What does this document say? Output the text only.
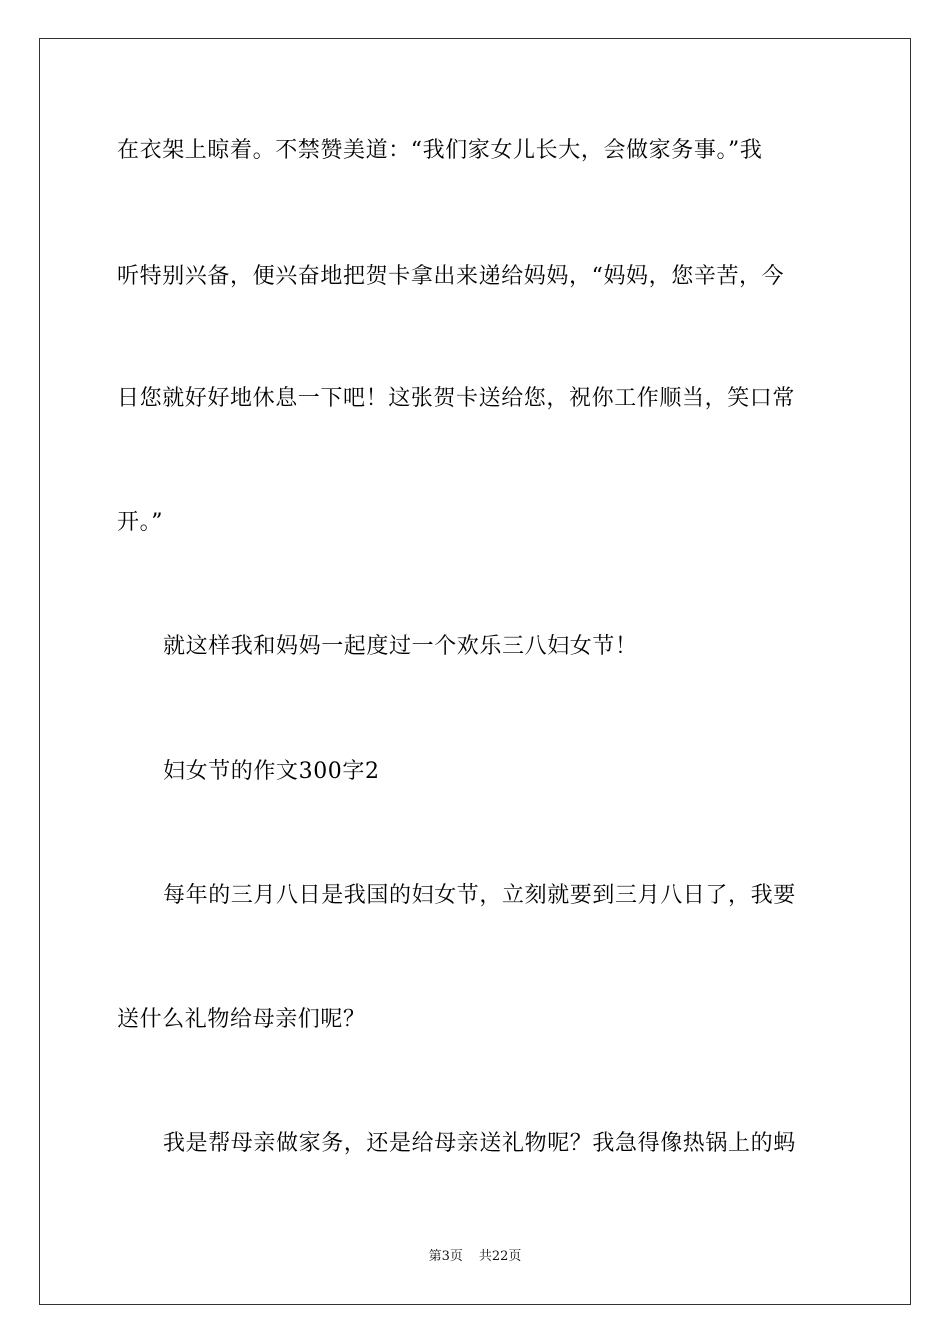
在衣架上晾着。不禁赞美道：“我们家女儿长大，会做家务事。”我
听特别兴备，便兴奋地把贺卡拿出来递给妈妈，“妈妈，您辛苦，今
日您就好好地休息一下吧！这张贺卡送给您，祝你工作顺当，笑口常
开。”
就这样我和妈妈一起度过一个欢乐三八妇女节！
妇女节的作文300字2
每年的三月八日是我国的妇女节，立刻就要到三月八日了，我要
送什么礼物给母亲们呢？
我是帮母亲做家务，还是给母亲送礼物呢？我急得像热锅上的蚂
第3页 共22页
